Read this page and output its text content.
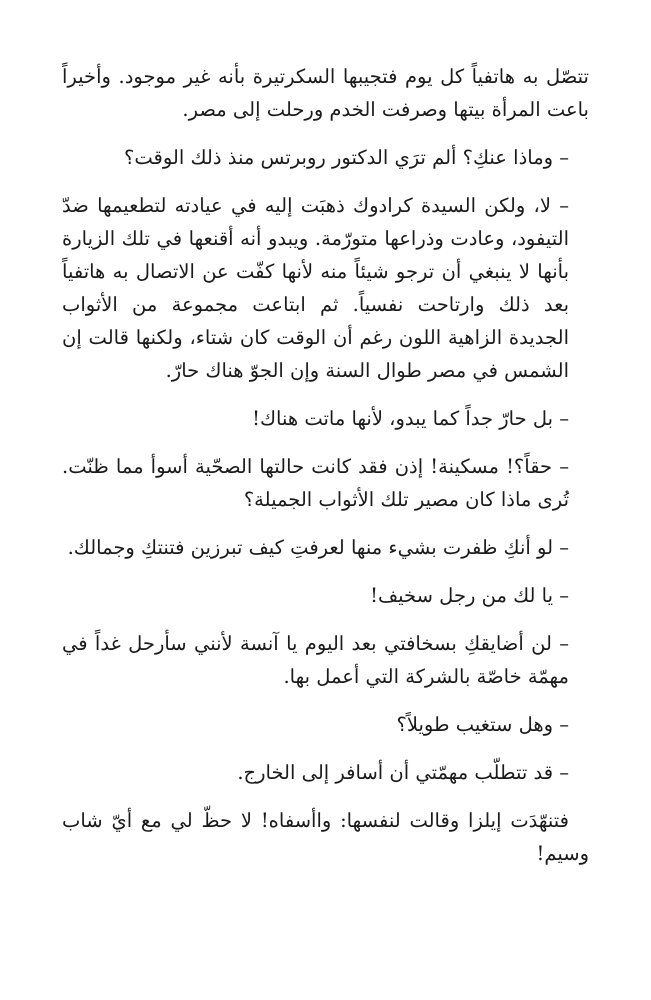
تتصّل به هاتفياً كل يوم فتجيبها السكرتيرة بأنه غير موجود. وأخيراً باعت المرأة بيتها وصرفت الخدم ورحلت إلى مصر.

– وماذا عنكِ؟ ألم ترَي الدكتور روبرتس منذ ذلك الوقت؟

– لا، ولكن السيدة كرادوك ذهبَت إليه في عيادته لتطعيمها ضدّ التيفود، وعادت وذراعها متورّمة. ويبدو أنه أقنعها في تلك الزيارة بأنها لا ينبغي أن ترجو شيئاً منه لأنها كفّت عن الاتصال به هاتفياً بعد ذلك وارتاحت نفسياً. ثم ابتاعت مجموعة من الأثواب الجديدة الزاهية اللون رغم أن الوقت كان شتاء، ولكنها قالت إن الشمس في مصر طوال السنة وإن الجوّ هناك حارّ.

– بل حارّ جداً كما يبدو، لأنها ماتت هناك!

– حقاً؟! مسكينة! إذن فقد كانت حالتها الصحّية أسوأ مما ظنّت. تُرى ماذا كان مصير تلك الأثواب الجميلة؟

– لو أنكِ ظفرت بشيء منها لعرفتِ كيف تبرزين فتنتكِ وجمالك.

– يا لك من رجل سخيف!

– لن أضايقكِ بسخافتي بعد اليوم يا آنسة لأنني سأرحل غداً في مهمّة خاصّة بالشركة التي أعمل بها.

– وهل ستغيب طويلاً؟

– قد تتطلّب مهمّتي أن أسافر إلى الخارج.

فتنهّدَت إيلزا وقالت لنفسها: واأسفاه! لا حظّ لي مع أيّ شاب وسيم!
